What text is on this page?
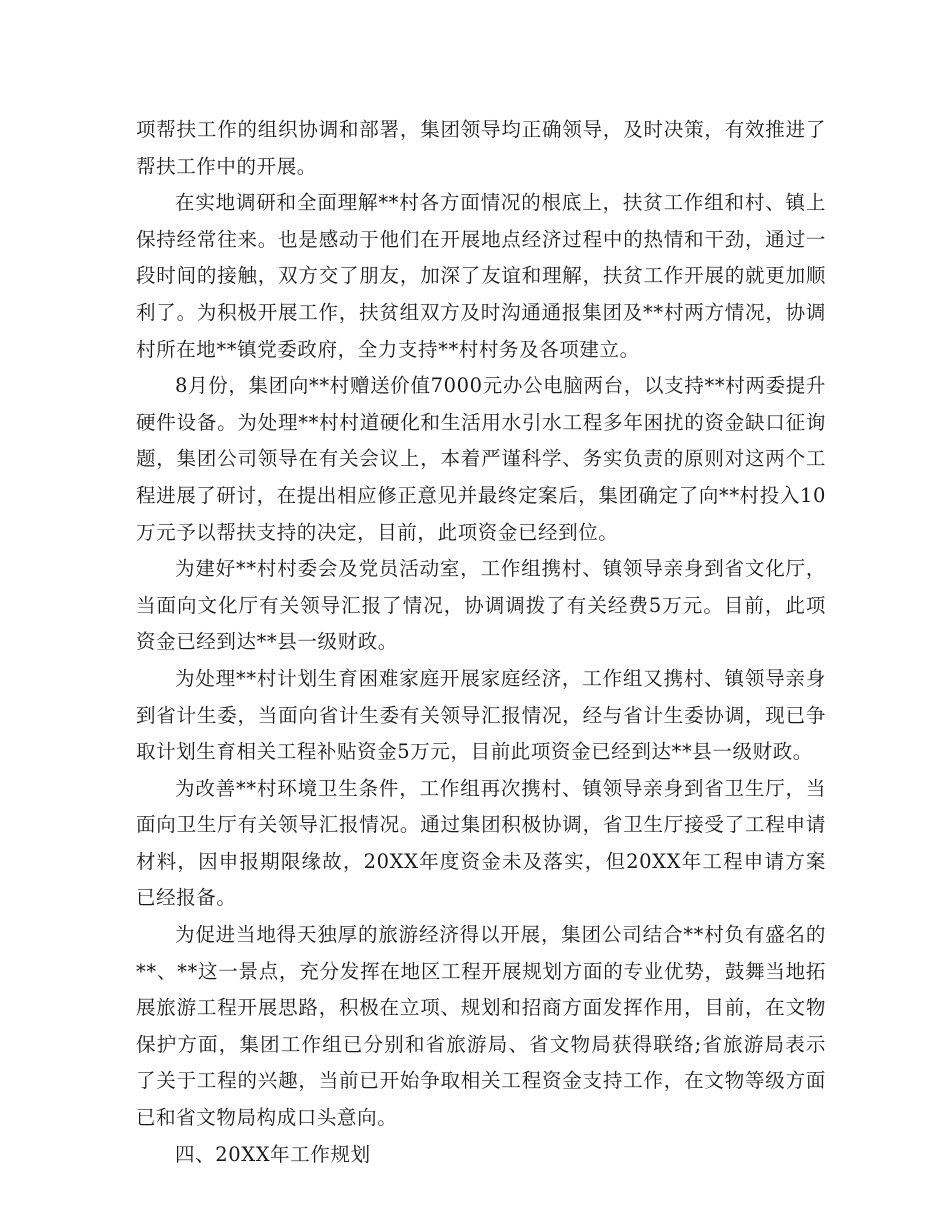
项帮扶工作的组织协调和部署，集团领导均正确领导，及时决策，有效推进了帮扶工作中的开展。

在实地调研和全面理解**村各方面情况的根底上，扶贫工作组和村、镇上保持经常往来。也是感动于他们在开展地点经济过程中的热情和干劲，通过一段时间的接触，双方交了朋友，加深了友谊和理解，扶贫工作开展的就更加顺利了。为积极开展工作，扶贫组双方及时沟通通报集团及**村两方情况，协调村所在地**镇党委政府，全力支持**村村务及各项建立。

8月份，集团向**村赠送价值7000元办公电脑两台，以支持**村两委提升硬件设备。为处理**村村道硬化和生活用水引水工程多年困扰的资金缺口征询题，集团公司领导在有关会议上，本着严谨科学、务实负责的原则对这两个工程进展了研讨，在提出相应修正意见并最终定案后，集团确定了向**村投入10万元予以帮扶支持的决定，目前，此项资金已经到位。

为建好**村村委会及党员活动室，工作组携村、镇领导亲身到省文化厅，当面向文化厅有关领导汇报了情况，协调调拨了有关经费5万元。目前，此项资金已经到达**县一级财政。

为处理**村计划生育困难家庭开展家庭经济，工作组又携村、镇领导亲身到省计生委，当面向省计生委有关领导汇报情况，经与省计生委协调，现已争取计划生育相关工程补贴资金5万元，目前此项资金已经到达**县一级财政。

为改善**村环境卫生条件，工作组再次携村、镇领导亲身到省卫生厅，当面向卫生厅有关领导汇报情况。通过集团积极协调，省卫生厅接受了工程申请材料，因申报期限缘故，20XX年度资金未及落实，但20XX年工程申请方案已经报备。

为促进当地得天独厚的旅游经济得以开展，集团公司结合**村负有盛名的**、**这一景点，充分发挥在地区工程开展规划方面的专业优势，鼓舞当地拓展旅游工程开展思路，积极在立项、规划和招商方面发挥作用，目前，在文物保护方面，集团工作组已分别和省旅游局、省文物局获得联络;省旅游局表示了关于工程的兴趣，当前已开始争取相关工程资金支持工作，在文物等级方面已和省文物局构成口头意向。

四、20XX年工作规划
